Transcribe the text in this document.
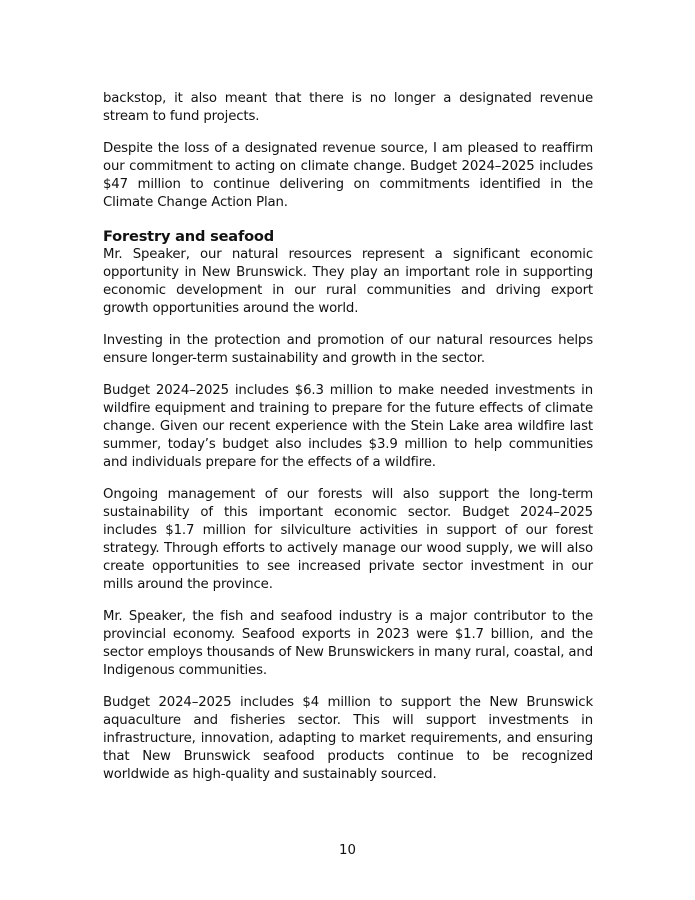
backstop, it also meant that there is no longer a designated revenue stream to fund projects.

Despite the loss of a designated revenue source, I am pleased to reaffirm our commitment to acting on climate change. Budget 2024–2025 includes $47 million to continue delivering on commitments identified in the Climate Change Action Plan.

Forestry and seafood

Mr. Speaker, our natural resources represent a significant economic opportunity in New Brunswick. They play an important role in supporting economic development in our rural communities and driving export growth opportunities around the world.

Investing in the protection and promotion of our natural resources helps ensure longer-term sustainability and growth in the sector.

Budget 2024–2025 includes $6.3 million to make needed investments in wildfire equipment and training to prepare for the future effects of climate change. Given our recent experience with the Stein Lake area wildfire last summer, today’s budget also includes $3.9 million to help communities and individuals prepare for the effects of a wildfire.

Ongoing management of our forests will also support the long-term sustainability of this important economic sector. Budget 2024–2025 includes $1.7 million for silviculture activities in support of our forest strategy. Through efforts to actively manage our wood supply, we will also create opportunities to see increased private sector investment in our mills around the province.

Mr. Speaker, the fish and seafood industry is a major contributor to the provincial economy. Seafood exports in 2023 were $1.7 billion, and the sector employs thousands of New Brunswickers in many rural, coastal, and Indigenous communities.

Budget 2024–2025 includes $4 million to support the New Brunswick aquaculture and fisheries sector. This will support investments in infrastructure, innovation, adapting to market requirements, and ensuring that New Brunswick seafood products continue to be recognized worldwide as high-quality and sustainably sourced.

10
